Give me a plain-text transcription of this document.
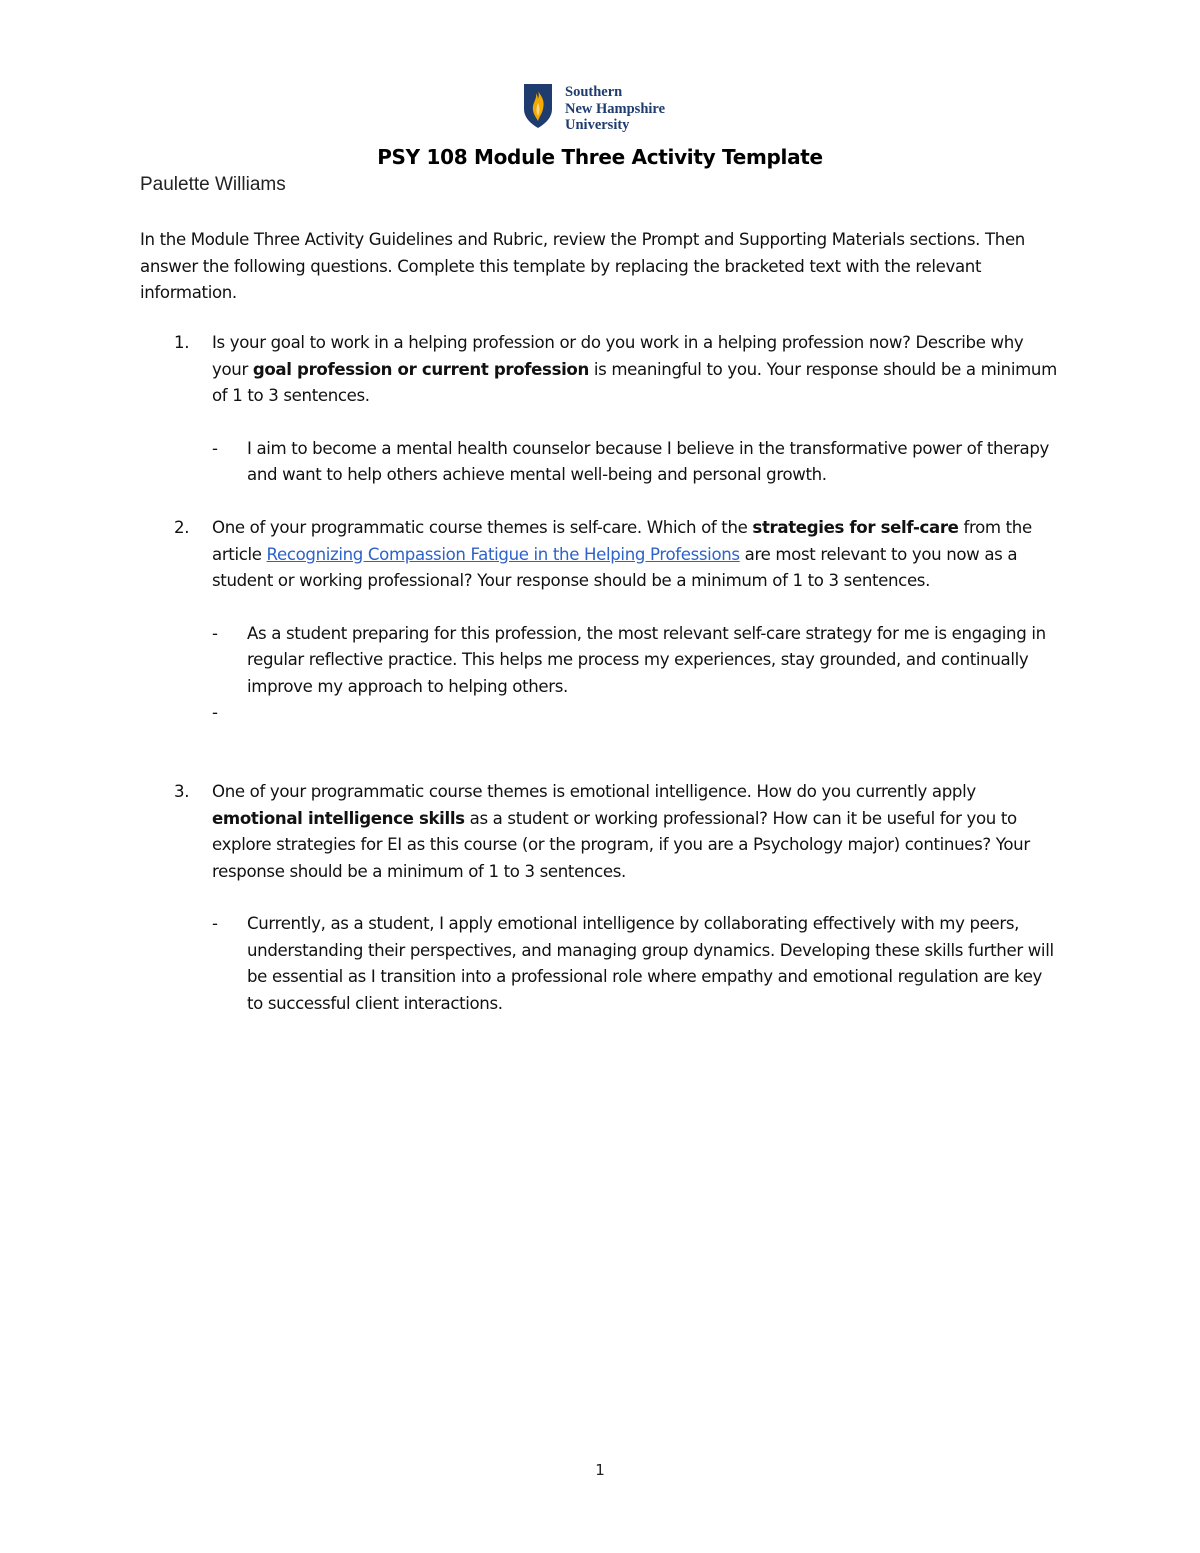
Southern
New Hampshire
University
PSY 108 Module Three Activity Template
Paulette Williams
In the Module Three Activity Guidelines and Rubric, review the Prompt and Supporting Materials sections. Then answer the following questions. Complete this template by replacing the bracketed text with the relevant information.
1. Is your goal to work in a helping profession or do you work in a helping profession now? Describe why your goal profession or current profession is meaningful to you. Your response should be a minimum of 1 to 3 sentences.
- I aim to become a mental health counselor because I believe in the transformative power of therapy and want to help others achieve mental well-being and personal growth.
2. One of your programmatic course themes is self-care. Which of the strategies for self-care from the article Recognizing Compassion Fatigue in the Helping Professions are most relevant to you now as a student or working professional? Your response should be a minimum of 1 to 3 sentences.
- As a student preparing for this profession, the most relevant self-care strategy for me is engaging in regular reflective practice. This helps me process my experiences, stay grounded, and continually improve my approach to helping others.
-

3. One of your programmatic course themes is emotional intelligence. How do you currently apply emotional intelligence skills as a student or working professional? How can it be useful for you to explore strategies for EI as this course (or the program, if you are a Psychology major) continues? Your response should be a minimum of 1 to 3 sentences.
- Currently, as a student, I apply emotional intelligence by collaborating effectively with my peers, understanding their perspectives, and managing group dynamics. Developing these skills further will be essential as I transition into a professional role where empathy and emotional regulation are key to successful client interactions.
1
